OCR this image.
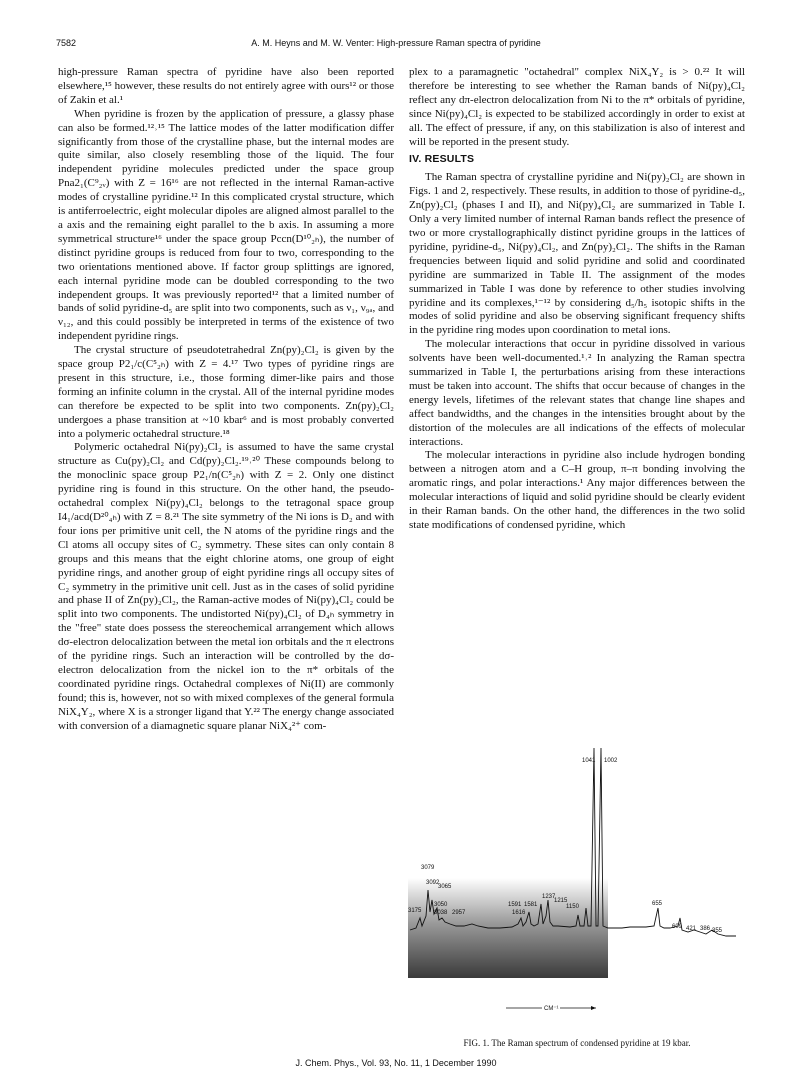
7582	A. M. Heyns and M. W. Venter: High-pressure Raman spectra of pyridine

high-pressure Raman spectra of pyridine have also been reported elsewhere,¹⁵ however, these results do not entirely agree with ours¹² or those of Zakin et al.¹

When pyridine is frozen by the application of pressure, a glassy phase can also be formed.¹²˒¹⁵ The lattice modes of the latter modification differ significantly from those of the crystalline phase, but the internal modes are quite similar, also closely resembling those of the liquid. The four independent pyridine molecules predicted under the space group Pna2₁(C⁹₂ᵥ) with Z = 16¹⁶ are not reflected in the internal Raman-active modes of crystalline pyridine.¹² In this complicated crystal structure, which is antiferroelectric, eight molecular dipoles are aligned almost parallel to the a axis and the remaining eight parallel to the b axis. In assuming a more symmetrical structure¹⁶ under the space group Pccn(D¹⁰₂ₕ), the number of distinct pyridine groups is reduced from four to two, corresponding to the two orientations mentioned above. If factor group splittings are ignored, each internal pyridine mode can be doubled corresponding to the two independent groups. It was previously reported¹² that a limited number of bands of solid pyridine-d₅ are split into two components, such as ν₁, ν₉ₐ, and ν₁₂, and this could possibly be interpreted in terms of the existence of two independent pyridine rings.

The crystal structure of pseudotetrahedral Zn(py)₂Cl₂ is given by the space group P2₁/c(C⁵₂ₕ) with Z = 4.¹⁷ Two types of pyridine rings are present in this structure, i.e., those forming dimer-like pairs and those forming an infinite column in the crystal. All of the internal pyridine modes can therefore be expected to be split into two components. Zn(py)₂Cl₂ undergoes a phase transition at ~10 kbar⁶ and is most probably converted into a polymeric octahedral structure.¹⁸

Polymeric octahedral Ni(py)₂Cl₂ is assumed to have the same crystal structure as Cu(py)₂Cl₂ and Cd(py)₂Cl₂.¹⁹˒²⁰ These compounds belong to the monoclinic space group P2₁/n(C⁵₂ₕ) with Z = 2. Only one distinct pyridine ring is found in this structure. On the other hand, the pseudo-octahedral complex Ni(py)₄Cl₂ belongs to the tetragonal space group I4₁/acd(D²⁰₄ₕ) with Z = 8.²¹ The site symmetry of the Ni ions is D₂ and with four ions per primitive unit cell, the N atoms of the pyridine rings and the Cl atoms all occupy sites of C₂ symmetry. These sites can only contain 8 groups and this means that the eight chlorine atoms, one group of eight pyridine rings, and another group of eight pyridine rings all occupy sites of C₂ symmetry in the primitive unit cell. Just as in the cases of solid pyridine and phase II of Zn(py)₂Cl₂, the Raman-active modes of Ni(py)₄Cl₂ could be split into two components. The undistorted Ni(py)₄Cl₂ of D₄ₕ symmetry in the "free" state does possess the stereochemical arrangement which allows dσ-electron delocalization between the metal ion orbitals and the π electrons of the pyridine rings. Such an interaction will be controlled by the dσ-electron delocalization from the nickel ion to the π* orbitals of the coordinated pyridine rings. Octahedral complexes of Ni(II) are commonly found; this is, however, not so with mixed complexes of the general formula NiX₄Y₂, where X is a stronger ligand that Y.²² The energy change associated with conversion of a diamagnetic square planar NiX₄²⁺ com-

plex to a paramagnetic "octahedral" complex NiX₄Y₂ is > 0.²² It will therefore be interesting to see whether the Raman bands of Ni(py)₄Cl₂ reflect any dπ-electron delocalization from Ni to the π* orbitals of pyridine, since Ni(py)₄Cl₂ is expected to be stabilized accordingly in order to exist at all. The effect of pressure, if any, on this stabilization is also of interest and will be reported in the present study.

IV. RESULTS

The Raman spectra of crystalline pyridine and Ni(py)₂Cl₂ are shown in Figs. 1 and 2, respectively. These results, in addition to those of pyridine-d₅, Zn(py)₂Cl₂ (phases I and II), and Ni(py)₄Cl₂ are summarized in Table I. Only a very limited number of internal Raman bands reflect the presence of two or more crystallographically distinct pyridine groups in the lattices of pyridine, pyridine-d₅, Ni(py)₄Cl₂, and Zn(py)₂Cl₂. The shifts in the Raman frequencies between liquid and solid pyridine and solid and coordinated pyridine are summarized in Table II. The assignment of the modes summarized in Table I was done by reference to other studies involving pyridine and its complexes,¹⁻¹² by considering d₅/h₅ isotopic shifts in the modes of solid pyridine and also be observing significant frequency shifts in the pyridine ring modes upon coordination to metal ions.

The molecular interactions that occur in pyridine dissolved in various solvents have been well-documented.¹˒² In analyzing the Raman spectra summarized in Table I, the perturbations arising from these interactions must be taken into account. The shifts that occur because of changes in the energy levels, lifetimes of the relevant states that change line shapes and affect bandwidths, and the changes in the intensities brought about by the distortion of the molecules are all indications of the effects of molecular interactions.

The molecular interactions in pyridine also include hydrogen bonding between a nitrogen atom and a C–H group, π–π bonding involving the aromatic rings, and polar interactions.¹ Any major differences between the molecular interactions of liquid and solid pyridine should be clearly evident in their Raman bands. On the other hand, the differences in the two solid state modifications of condensed pyridine, which

1041 1002
3079
3092
3065
3175
3050
3038 2957
1591 1581
1616
1237
1215
1150	655
609 421 386 355
CM⁻¹
FIG. 1. The Raman spectrum of condensed pyridine at 19 kbar.
J. Chem. Phys., Vol. 93, No. 11, 1 December 1990
